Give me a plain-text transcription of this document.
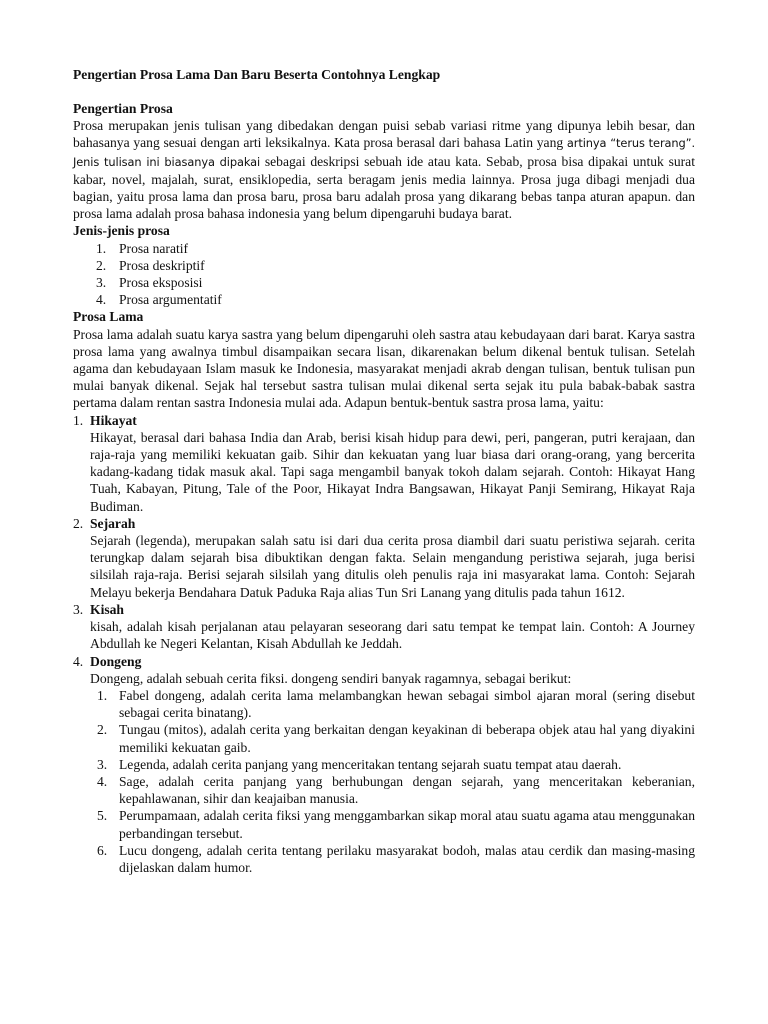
Pengertian Prosa Lama Dan Baru Beserta Contohnya Lengkap

Pengertian Prosa

Prosa merupakan jenis tulisan yang dibedakan dengan puisi sebab variasi ritme yang dipunya lebih besar, dan bahasanya yang sesuai dengan arti leksikalnya. Kata prosa berasal dari bahasa Latin yang artinya “terus terang”. Jenis tulisan ini biasanya dipakai sebagai deskripsi sebuah ide atau kata. Sebab, prosa bisa dipakai untuk surat kabar, novel, majalah, surat, ensiklopedia, serta beragam jenis media lainnya. Prosa juga dibagi menjadi dua bagian, yaitu prosa lama dan prosa baru, prosa baru adalah prosa yang dikarang bebas tanpa aturan apapun. dan prosa lama adalah prosa bahasa indonesia yang belum dipengaruhi budaya barat.

Jenis-jenis prosa

1. Prosa naratif
2. Prosa deskriptif
3. Prosa eksposisi
4. Prosa argumentatif

Prosa Lama

Prosa lama adalah suatu karya sastra yang belum dipengaruhi oleh sastra atau kebudayaan dari barat. Karya sastra prosa lama yang awalnya timbul disampaikan secara lisan, dikarenakan belum dikenal bentuk tulisan. Setelah agama dan kebudayaan Islam masuk ke Indonesia, masyarakat menjadi akrab dengan tulisan, bentuk tulisan pun mulai banyak dikenal. Sejak hal tersebut sastra tulisan mulai dikenal serta sejak itu pula babak-babak sastra pertama dalam rentan sastra Indonesia mulai ada. Adapun bentuk-bentuk sastra prosa lama, yaitu:

1. Hikayat
Hikayat, berasal dari bahasa India dan Arab, berisi kisah hidup para dewi, peri, pangeran, putri kerajaan, dan raja-raja yang memiliki kekuatan gaib. Sihir dan kekuatan yang luar biasa dari orang-orang, yang bercerita kadang-kadang tidak masuk akal. Tapi saga mengambil banyak tokoh dalam sejarah. Contoh: Hikayat Hang Tuah, Kabayan, Pitung, Tale of the Poor, Hikayat Indra Bangsawan, Hikayat Panji Semirang, Hikayat Raja Budiman.
2. Sejarah
Sejarah (legenda), merupakan salah satu isi dari dua cerita prosa diambil dari suatu peristiwa sejarah. cerita terungkap dalam sejarah bisa dibuktikan dengan fakta. Selain mengandung peristiwa sejarah, juga berisi silsilah raja-raja. Berisi sejarah silsilah yang ditulis oleh penulis raja ini masyarakat lama. Contoh: Sejarah Melayu bekerja Bendahara Datuk Paduka Raja alias Tun Sri Lanang yang ditulis pada tahun 1612.
3. Kisah
kisah, adalah kisah perjalanan atau pelayaran seseorang dari satu tempat ke tempat lain. Contoh: A Journey Abdullah ke Negeri Kelantan, Kisah Abdullah ke Jeddah.
4. Dongeng
Dongeng, adalah sebuah cerita fiksi. dongeng sendiri banyak ragamnya, sebagai berikut:
1. Fabel dongeng, adalah cerita lama melambangkan hewan sebagai simbol ajaran moral (sering disebut sebagai cerita binatang).
2. Tungau (mitos), adalah cerita yang berkaitan dengan keyakinan di beberapa objek atau hal yang diyakini memiliki kekuatan gaib.
3. Legenda, adalah cerita panjang yang menceritakan tentang sejarah suatu tempat atau daerah.
4. Sage, adalah cerita panjang yang berhubungan dengan sejarah, yang menceritakan keberanian, kepahlawanan, sihir dan keajaiban manusia.
5. Perumpamaan, adalah cerita fiksi yang menggambarkan sikap moral atau suatu agama atau menggunakan perbandingan tersebut.
6. Lucu dongeng, adalah cerita tentang perilaku masyarakat bodoh, malas atau cerdik dan masing-masing dijelaskan dalam humor.
